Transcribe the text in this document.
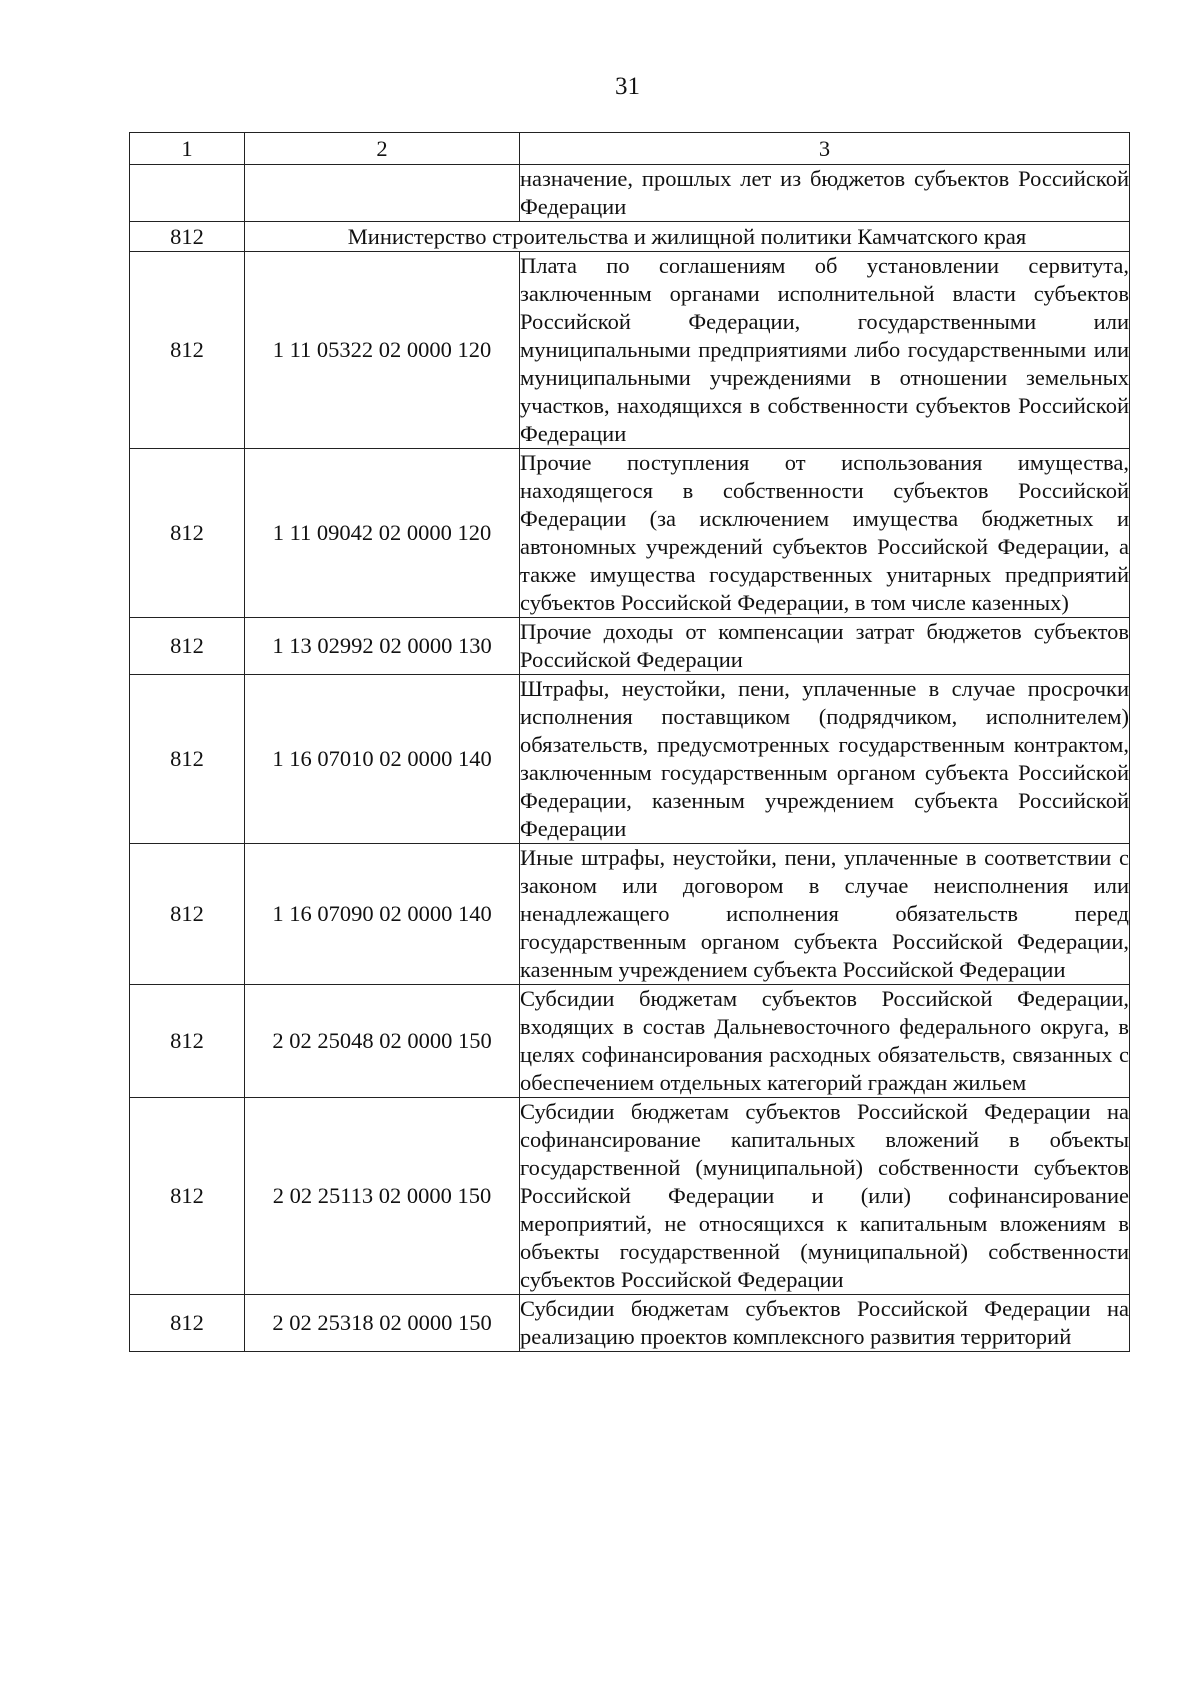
31
1	2	3
		назначение, прошлых лет из бюджетов субъектов Российской Федерации
812	Министерство строительства и жилищной политики Камчатского края	
812	1 11 05322 02 0000 120	Плата по соглашениям об установлении сервитута, заключенным органами исполнительной власти субъектов Российской Федерации, государственными или муниципальными предприятиями либо государственными или муниципальными учреждениями в отношении земельных участков, находящихся в собственности субъектов Российской Федерации
812	1 11 09042 02 0000 120	Прочие поступления от использования имущества, находящегося в собственности субъектов Российской Федерации (за исключением имущества бюджетных и автономных учреждений субъектов Российской Федерации, а также имущества государственных унитарных предприятий субъектов Российской Федерации, в том числе казенных)
812	1 13 02992 02 0000 130	Прочие доходы от компенсации затрат бюджетов субъектов Российской Федерации
812	1 16 07010 02 0000 140	Штрафы, неустойки, пени, уплаченные в случае просрочки исполнения поставщиком (подрядчиком, исполнителем) обязательств, предусмотренных государственным контрактом, заключенным государственным органом субъекта Российской Федерации, казенным учреждением субъекта Российской Федерации
812	1 16 07090 02 0000 140	Иные штрафы, неустойки, пени, уплаченные в соответствии с законом или договором в случае неисполнения или ненадлежащего исполнения обязательств перед государственным органом субъекта Российской Федерации, казенным учреждением субъекта Российской Федерации
812	2 02 25048 02 0000 150	Субсидии бюджетам субъектов Российской Федерации, входящих в состав Дальневосточного федерального округа, в целях софинансирования расходных обязательств, связанных с обеспечением отдельных категорий граждан жильем
812	2 02 25113 02 0000 150	Субсидии бюджетам субъектов Российской Федерации на софинансирование капитальных вложений в объекты государственной (муниципальной) собственности субъектов Российской Федерации и (или) софинансирование мероприятий, не относящихся к капитальным вложениям в объекты государственной (муниципальной) собственности субъектов Российской Федерации
812	2 02 25318 02 0000 150	Субсидии бюджетам субъектов Российской Федерации на реализацию проектов комплексного развития территорий
